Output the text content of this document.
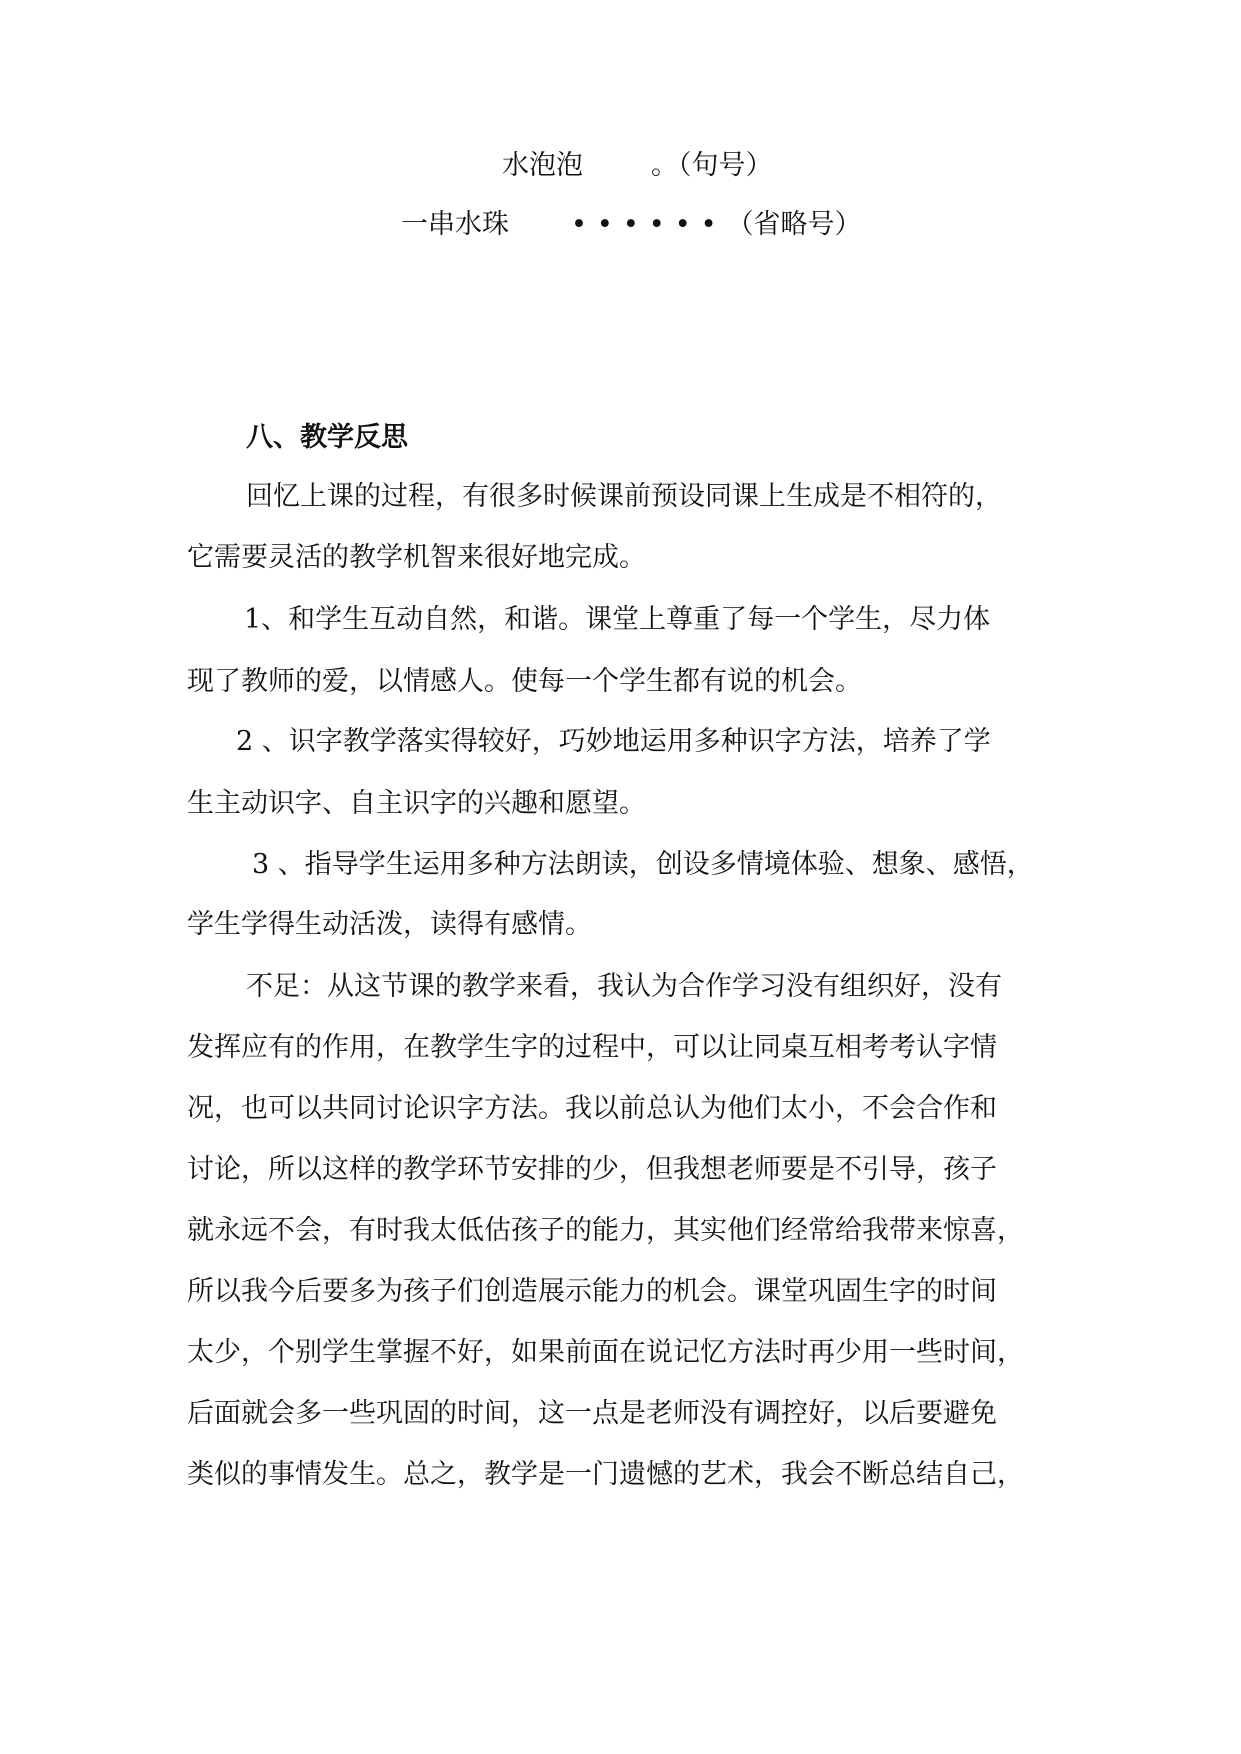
水泡泡	。（句号）
一串水珠 ••••••（省略号）
八、教学反思
回忆上课的过程，有很多时候课前预设同课上生成是不相符的，
它需要灵活的教学机智来很好地完成。
1、和学生互动自然，和谐。课堂上尊重了每一个学生，尽力体
现了教师的爱，以情感人。使每一个学生都有说的机会。
2 、识字教学落实得较好，巧妙地运用多种识字方法，培养了学
生主动识字、自主识字的兴趣和愿望。
3 、指导学生运用多种方法朗读，创设多情境体验、想象、感悟，
学生学得生动活泼，读得有感情。
不足：从这节课的教学来看，我认为合作学习没有组织好，没有
发挥应有的作用，在教学生字的过程中，可以让同桌互相考考认字情
况，也可以共同讨论识字方法。我以前总认为他们太小，不会合作和
讨论，所以这样的教学环节安排的少，但我想老师要是不引导，孩子
就永远不会，有时我太低估孩子的能力，其实他们经常给我带来惊喜，
所以我今后要多为孩子们创造展示能力的机会。课堂巩固生字的时间
太少，个别学生掌握不好，如果前面在说记忆方法时再少用一些时间，
后面就会多一些巩固的时间，这一点是老师没有调控好，以后要避免
类似的事情发生。总之，教学是一门遗憾的艺术，我会不断总结自己，
